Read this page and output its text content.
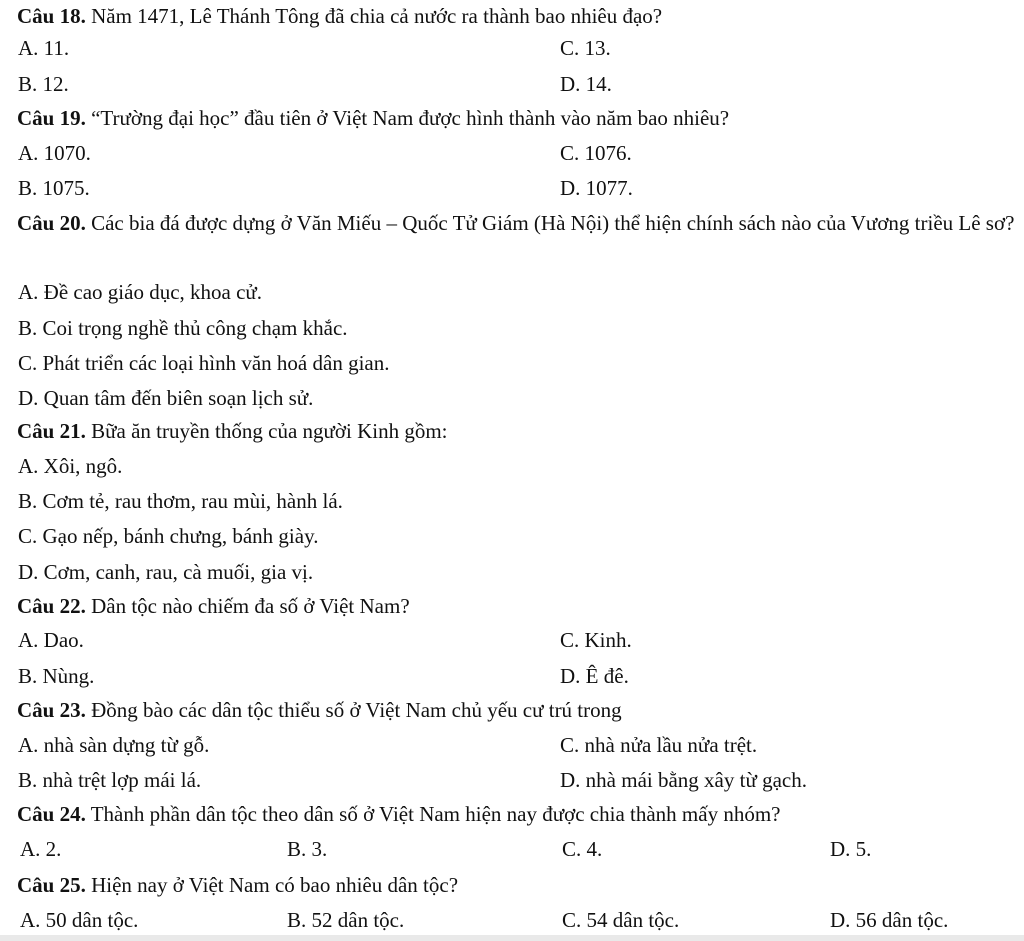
Câu 18. Năm 1471, Lê Thánh Tông đã chia cả nước ra thành bao nhiêu đạo?
A. 11.	C. 13.
B. 12.	D. 14.
Câu 19. “Trường đại học” đầu tiên ở Việt Nam được hình thành vào năm bao nhiêu?
A. 1070.	C. 1076.
B. 1075.	D. 1077.
Câu 20. Các bia đá được dựng ở Văn Miếu – Quốc Tử Giám (Hà Nội) thể hiện chính sách nào của Vương triều Lê sơ?
A. Đề cao giáo dục, khoa cử.
B. Coi trọng nghề thủ công chạm khắc.
C. Phát triển các loại hình văn hoá dân gian.
D. Quan tâm đến biên soạn lịch sử.
Câu 21. Bữa ăn truyền thống của người Kinh gồm:
A. Xôi, ngô.
B. Cơm tẻ, rau thơm, rau mùi, hành lá.
C. Gạo nếp, bánh chưng, bánh giày.
D. Cơm, canh, rau, cà muối, gia vị.
Câu 22. Dân tộc nào chiếm đa số ở Việt Nam?
A. Dao.	C. Kinh.
B. Nùng.	D. Ê đê.
Câu 23. Đồng bào các dân tộc thiểu số ở Việt Nam chủ yếu cư trú trong
A. nhà sàn dựng từ gỗ.	C. nhà nửa lầu nửa trệt.
B. nhà trệt lợp mái lá.	D. nhà mái bằng xây từ gạch.
Câu 24. Thành phần dân tộc theo dân số ở Việt Nam hiện nay được chia thành mấy nhóm?
A. 2.	B. 3.	C. 4.	D. 5.
Câu 25. Hiện nay ở Việt Nam có bao nhiêu dân tộc?
A. 50 dân tộc.	B. 52 dân tộc.	C. 54 dân tộc.	D. 56 dân tộc.
